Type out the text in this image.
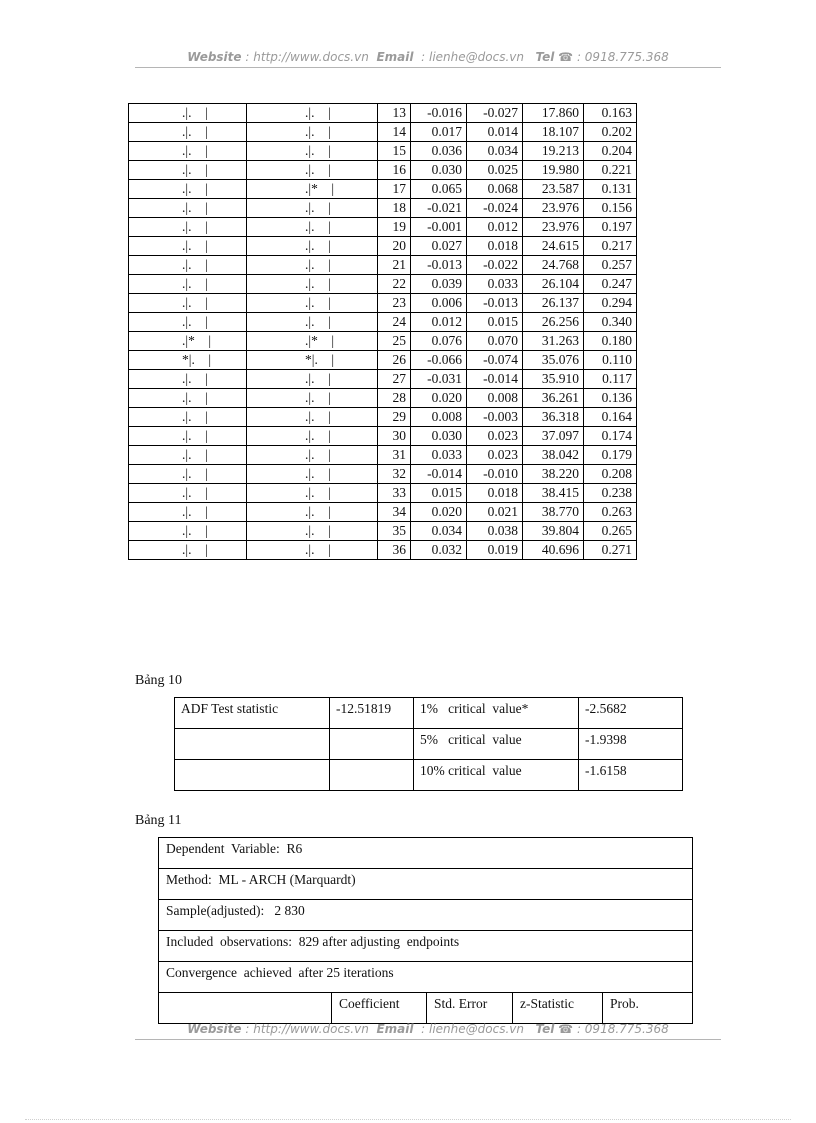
Website : http://www.docs.vn Email : lienhe@docs.vn Tel ☎ : 0918.775.368
.|.    |	.|.    |	13	-0.016	-0.027	17.860	0.163

.|.    |	.|.    |	14	0.017	0.014	18.107	0.202

.|.    |	.|.    |	15	0.036	0.034	19.213	0.204

.|.    |	.|.    |	16	0.030	0.025	19.980	0.221

.|.    |	.|*    |	17	0.065	0.068	23.587	0.131

.|.    |	.|.    |	18	-0.021	-0.024	23.976	0.156

.|.    |	.|.    |	19	-0.001	0.012	23.976	0.197

.|.    |	.|.    |	20	0.027	0.018	24.615	0.217

.|.    |	.|.    |	21	-0.013	-0.022	24.768	0.257

.|.    |	.|.    |	22	0.039	0.033	26.104	0.247

.|.    |	.|.    |	23	0.006	-0.013	26.137	0.294

.|.    |	.|.    |	24	0.012	0.015	26.256	0.340

.|*    |	.|*    |	25	0.076	0.070	31.263	0.180

*|.    |	*|.    |	26	-0.066	-0.074	35.076	0.110

.|.    |	.|.    |	27	-0.031	-0.014	35.910	0.117

.|.    |	.|.    |	28	0.020	0.008	36.261	0.136

.|.    |	.|.    |	29	0.008	-0.003	36.318	0.164

.|.    |	.|.    |	30	0.030	0.023	37.097	0.174

.|.    |	.|.    |	31	0.033	0.023	38.042	0.179

.|.    |	.|.    |	32	-0.014	-0.010	38.220	0.208

.|.    |	.|.    |	33	0.015	0.018	38.415	0.238

.|.    |	.|.    |	34	0.020	0.021	38.770	0.263

.|.    |	.|.    |	35	0.034	0.038	39.804	0.265

.|.    |	.|.    |	36	0.032	0.019	40.696	0.271
Bảng 10
ADF Test statistic	-12.51819	1%   critical  value*	-2.5682
		5%   critical  value	-1.9398
		10% critical  value	-1.6158
Bảng 11
Dependent  Variable:  R6
Method:  ML - ARCH (Marquardt)
Sample(adjusted):   2 830
Included  observations:  829 after adjusting  endpoints
Convergence  achieved  after 25 iterations
	Coefficient	Std. Error	z-Statistic	Prob.
Website : http://www.docs.vn Email : lienhe@docs.vn Tel ☎ : 0918.775.368
